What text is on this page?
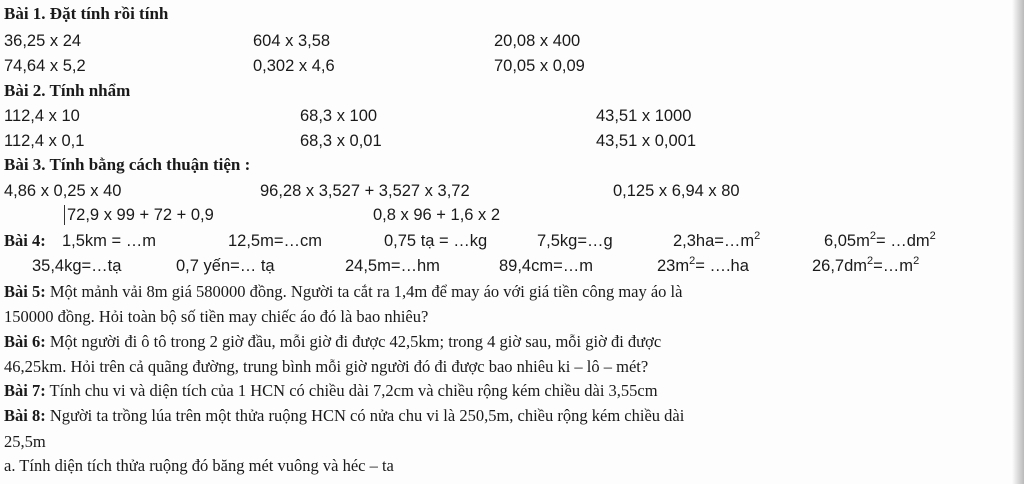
Bài 1. Đặt tính rồi tính
36,25 x 24	604 x 3,58	20,08 x 400
74,64 x 5,2	0,302 x 4,6	70,05 x 0,09
Bài 2. Tính nhẩm
112,4 x 10	68,3 x 100	43,51 x 1000
112,4 x 0,1	68,3 x 0,01	43,51 x 0,001
Bài 3. Tính bằng cách thuận tiện :
4,86 x 0,25 x 40	96,28 x 3,527 + 3,527 x 3,72	0,125 x 6,94 x 80
72,9 x 99 + 72 + 0,9	0,8 x 96 + 1,6 x 2
Bài 4: 1,5km = …m	12,5m=…cm	0,75 tạ = …kg	7,5kg=…g	$2,3ha=\dots m^2$	$6,05m^2=$ $\dots dm^2$
35,4kg=…tạ	0,7 yến=… tạ	24,5m=…hm	89,4cm=…m	$23m^2=$ ….ha	$26,7dm^2=\dots m^2$
Bài 5: Một mảnh vải 8m giá 580000 đồng. Người ta cắt ra 1,4m để may áo với giá tiền công may áo là
150000 đồng. Hỏi toàn bộ số tiền may chiếc áo đó là bao nhiêu?
Bài 6: Một người đi ô tô trong 2 giờ đầu, mỗi giờ đi được 42,5km; trong 4 giờ sau, mỗi giờ đi được
46,25km. Hỏi trên cả quãng đường, trung bình mỗi giờ người đó đi được bao nhiêu ki – lô – mét?
Bài 7: Tính chu vi và diện tích của 1 HCN có chiều dài 7,2cm và chiều rộng kém chiều dài 3,55cm
Bài 8: Người ta trồng lúa trên một thửa ruộng HCN có nửa chu vi là 250,5m, chiều rộng kém chiều dài
25,5m
a. Tính diện tích thửa ruộng đó băng mét vuông và héc – ta
